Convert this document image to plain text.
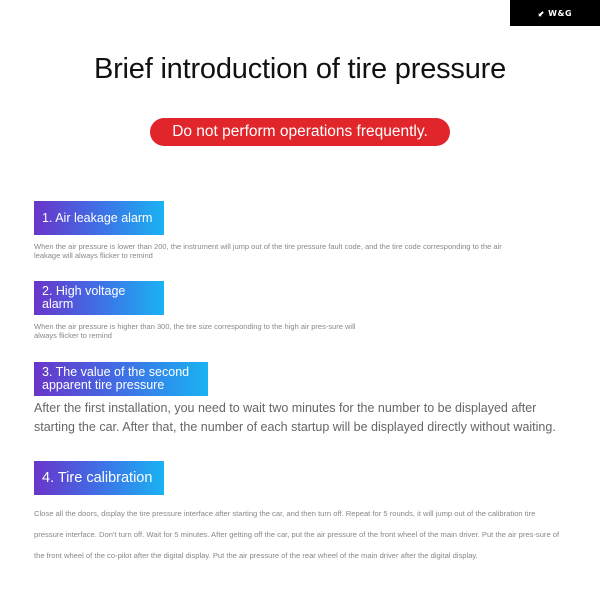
⬋ W&G
Brief introduction of tire pressure
Do not perform operations frequently.
1. Air leakage alarm
When the air pressure is lower than 200, the instrument will jump out of the tire pressure fault code, and the tire code corresponding to the air leakage will always flicker to remind
2. High voltage alarm
When the air pressure is higher than 300, the tire size corresponding to the high air pres-sure will always flicker to remind
3. The value of the second apparent tire pressure
After the first installation, you need to wait two minutes for the number to be displayed after starting the car. After that, the number of each startup will be displayed directly without waiting.
4. Tire calibration
Close all the doors, display the tire pressure interface after starting the car, and then turn off. Repeat for 5 rounds, it will jump out of the calibration tire pressure interface. Don't turn off. Wait for 5 minutes. After getting off the car, put the air pressure of the front wheel of the main driver. Put the air pres-sure of the front wheel of the co-pilot after the digital display. Put the air pressure of the rear wheel of the main driver after the digital display.
